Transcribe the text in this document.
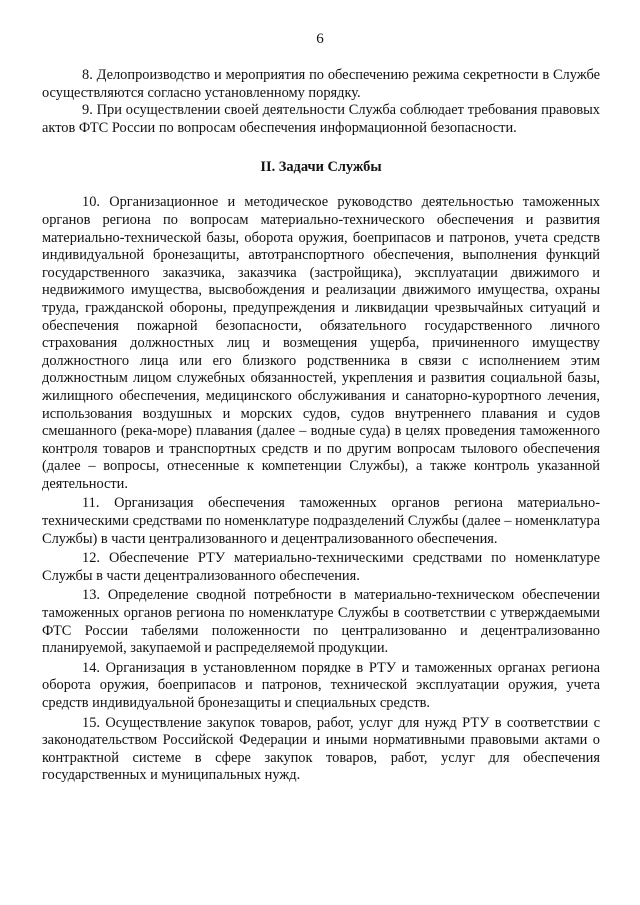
6

8. Делопроизводство и мероприятия по обеспечению режима секретности в Службе осуществляются согласно установленному порядку.

9. При осуществлении своей деятельности Служба соблюдает требования правовых актов ФТС России по вопросам обеспечения информационной безопасности.

II. Задачи Службы

10. Организационное и методическое руководство деятельностью таможенных органов региона по вопросам материально-технического обеспечения и развития материально-технической базы, оборота оружия, боеприпасов и патронов, учета средств индивидуальной бронезащиты, автотранспортного обеспечения, выполнения функций государственного заказчика, заказчика (застройщика), эксплуатации движимого и недвижимого имущества, высвобождения и реализации движимого имущества, охраны труда, гражданской обороны, предупреждения и ликвидации чрезвычайных ситуаций и обеспечения пожарной безопасности, обязательного государственного личного страхования должностных лиц и возмещения ущерба, причиненного имуществу должностного лица или его близкого родственника в связи с исполнением этим должностным лицом служебных обязанностей, укрепления и развития социальной базы, жилищного обеспечения, медицинского обслуживания и санаторно-курортного лечения, использования воздушных и морских судов, судов внутреннего плавания и судов смешанного (река-море) плавания (далее – водные суда) в целях проведения таможенного контроля товаров и транспортных средств и по другим вопросам тылового обеспечения (далее – вопросы, отнесенные к компетенции Службы), а также контроль указанной деятельности.

11. Организация обеспечения таможенных органов региона материально-техническими средствами по номенклатуре подразделений Службы (далее – номенклатура Службы) в части централизованного и децентрализованного обеспечения.

12. Обеспечение РТУ материально-техническими средствами по номенклатуре Службы в части децентрализованного обеспечения.

13. Определение сводной потребности в материально-техническом обеспечении таможенных органов региона по номенклатуре Службы в соответствии с утверждаемыми ФТС России табелями положенности по централизованно и децентрализованно планируемой, закупаемой и распределяемой продукции.

14. Организация в установленном порядке в РТУ и таможенных органах региона оборота оружия, боеприпасов и патронов, технической эксплуатации оружия, учета средств индивидуальной бронезащиты и специальных средств.

15. Осуществление закупок товаров, работ, услуг для нужд РТУ в соответствии с законодательством Российской Федерации и иными нормативными правовыми актами о контрактной системе в сфере закупок товаров, работ, услуг для обеспечения государственных и муниципальных нужд.
